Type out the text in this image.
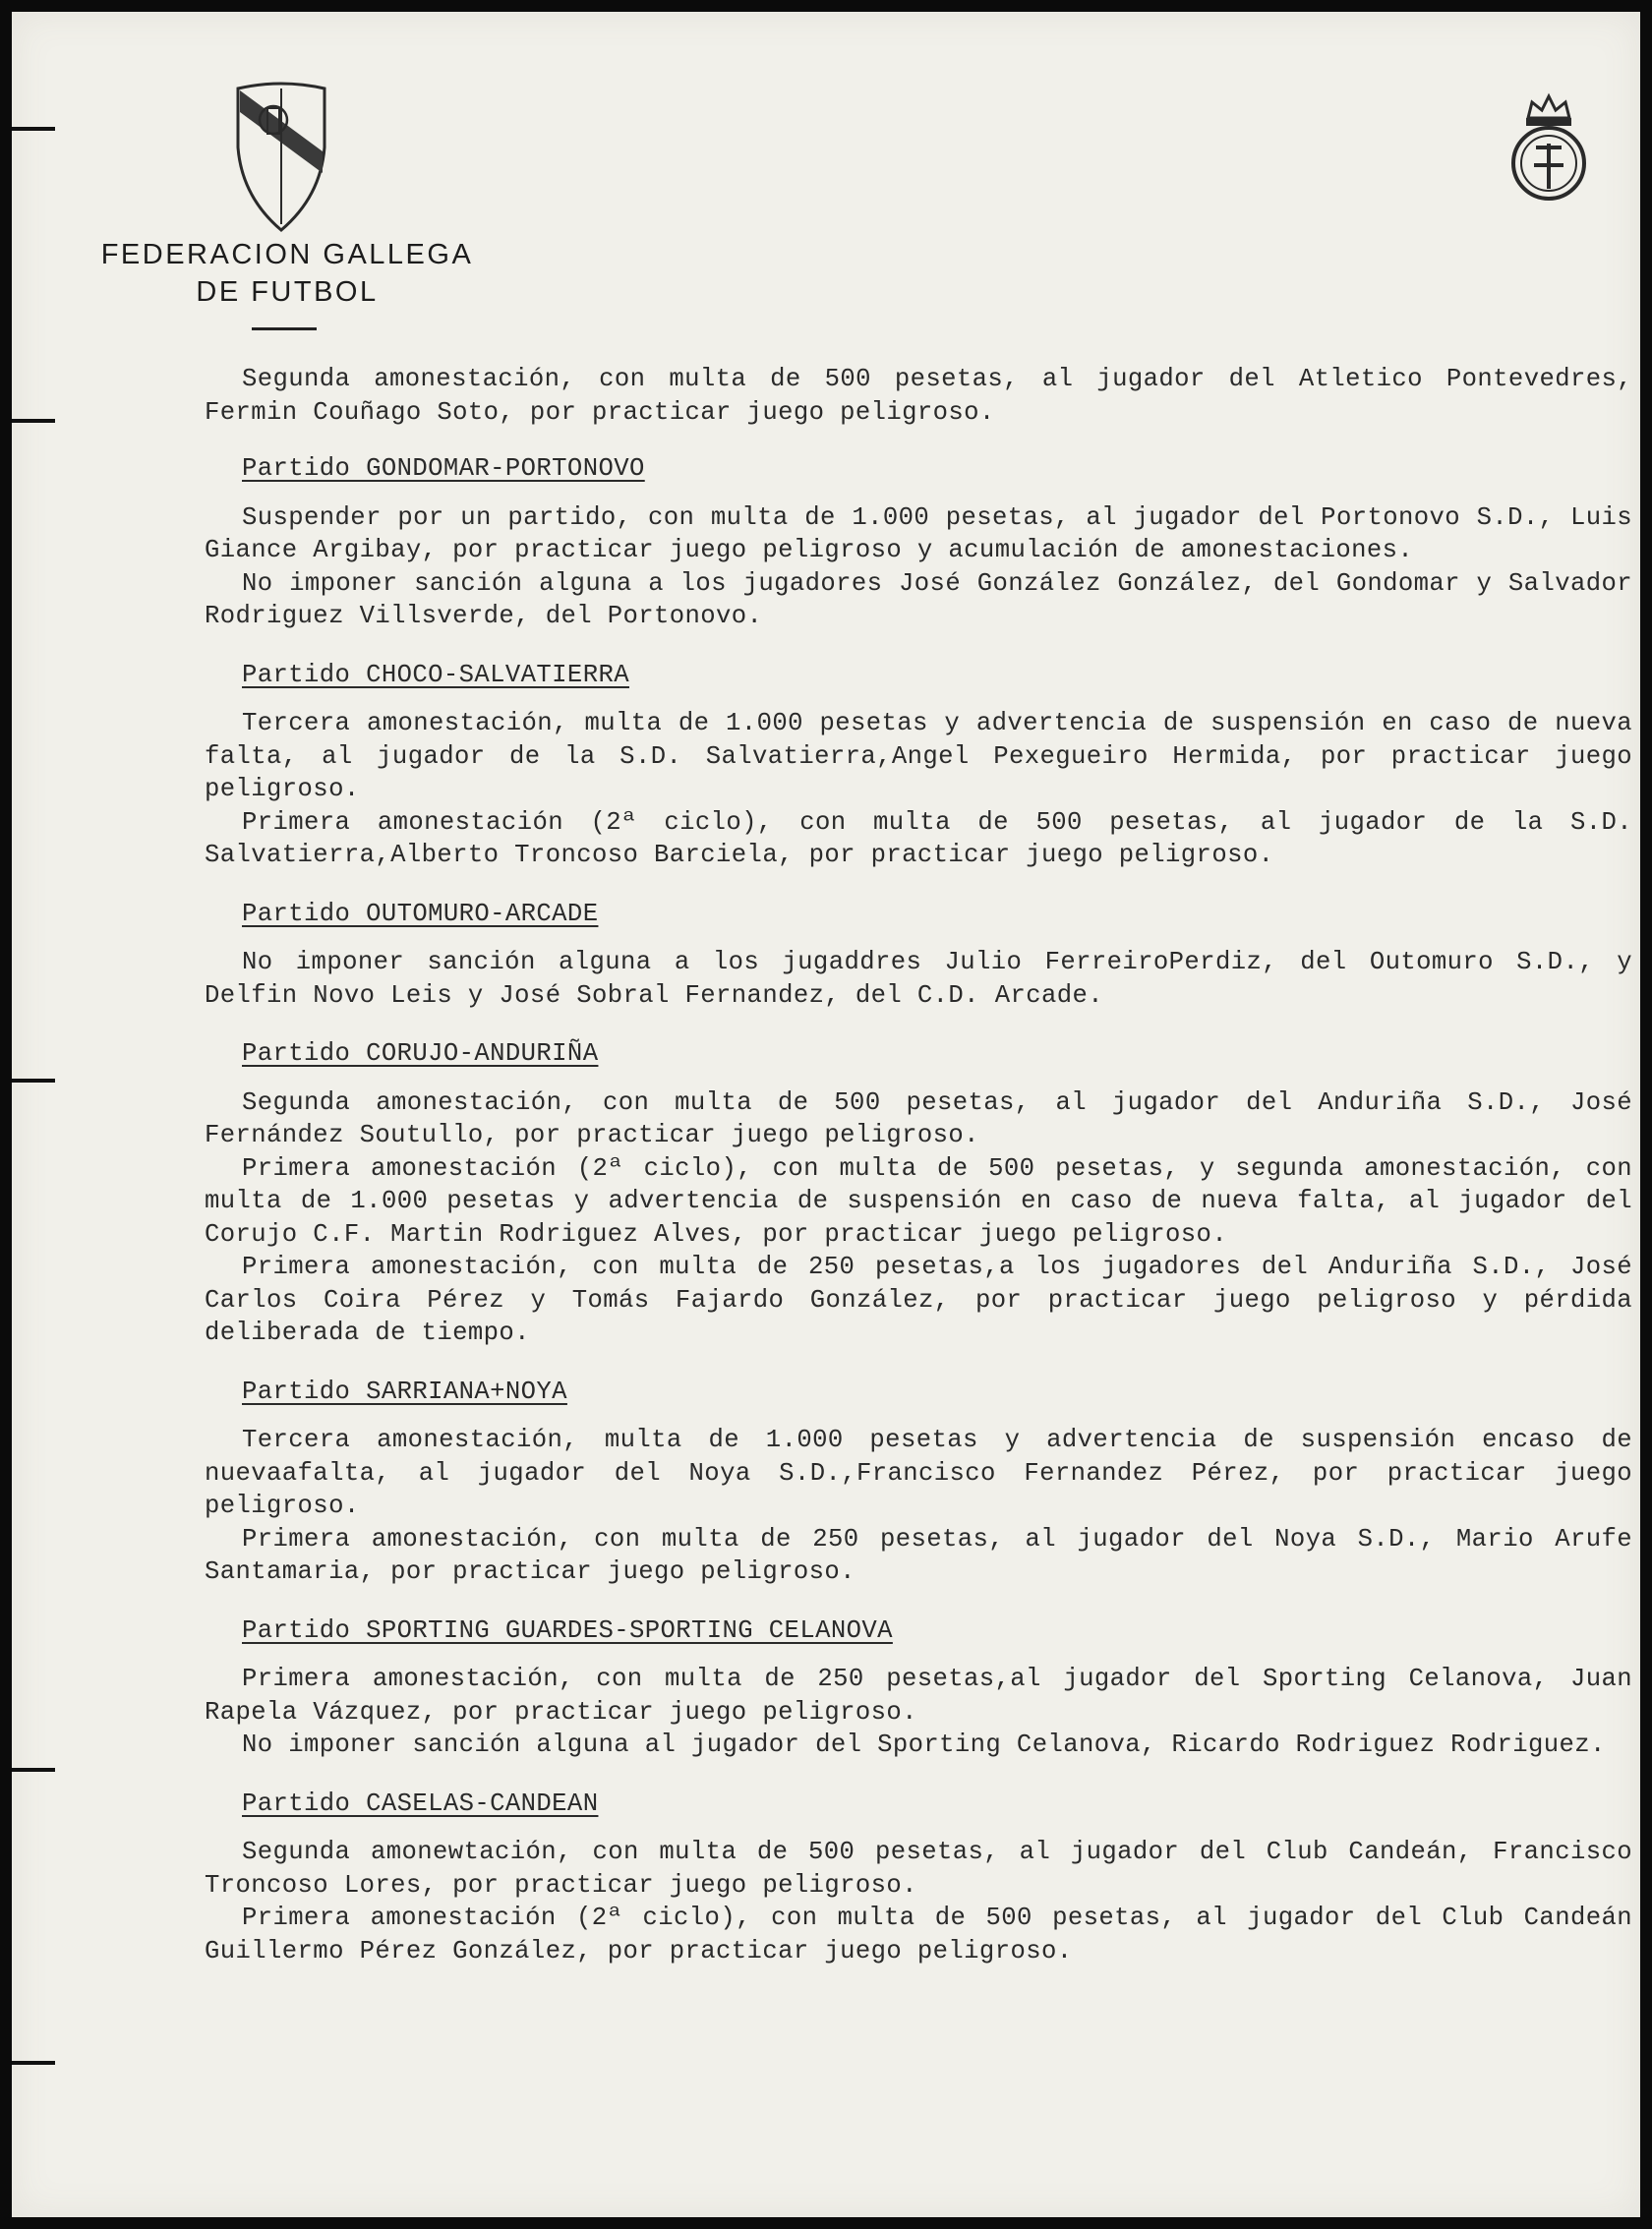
FEDERACION GALLEGA
DE FUTBOL

Segunda amonestación, con multa de 500 pesetas, al jugador del Atletico Pontevedres, Fermin Couñago Soto, por practicar juego peligroso.

Partido GONDOMAR-PORTONOVO

Suspender por un partido, con multa de 1.000 pesetas, al jugador del Portonovo S.D., Luis Giance Argibay, por practicar juego peligroso y acumulación de amonestaciones.

No imponer sanción alguna a los jugadores José González González, del Gondomar y Salvador Rodriguez Villsverde, del Portonovo.

Partido CHOCO-SALVATIERRA

Tercera amonestación, multa de 1.000 pesetas y advertencia de suspensión en caso de nueva falta, al jugador de la S.D. Salvatierra,Angel Pexegueiro Hermida, por practicar juego peligroso.

Primera amonestación (2ª ciclo), con multa de 500 pesetas, al jugador de la S.D. Salvatierra,Alberto Troncoso Barciela, por practicar juego peligroso.

Partido OUTOMURO-ARCADE

No imponer sanción alguna a los jugaddres Julio FerreiroPerdiz, del Outomuro S.D., y Delfin Novo Leis y José Sobral Fernandez, del C.D. Arcade.

Partido CORUJO-ANDURIÑA

Segunda amonestación, con multa de 500 pesetas, al jugador del Anduriña S.D., José Fernández Soutullo, por practicar juego peligroso.

Primera amonestación (2ª ciclo), con multa de 500 pesetas, y segunda amonestación, con multa de 1.000 pesetas y advertencia de suspensión en caso de nueva falta, al jugador del Corujo C.F. Martin Rodriguez Alves, por practicar juego peligroso.

Primera amonestación, con multa de 250 pesetas,a los jugadores del Anduriña S.D., José Carlos Coira Pérez y Tomás Fajardo González, por practicar juego peligroso y pérdida deliberada de tiempo.

Partido SARRIANA+NOYA

Tercera amonestación, multa de 1.000 pesetas y advertencia de suspensión encaso de nuevaafalta, al jugador del Noya S.D.,Francisco Fernandez Pérez, por practicar juego peligroso.

Primera amonestación, con multa de 250 pesetas, al jugador del Noya S.D., Mario Arufe Santamaria, por practicar juego peligroso.

Partido SPORTING GUARDES-SPORTING CELANOVA

Primera amonestación, con multa de 250 pesetas,al jugador del Sporting Celanova, Juan Rapela Vázquez, por practicar juego peligroso.

No imponer sanción alguna al jugador del Sporting Celanova, Ricardo Rodriguez Rodriguez.

Partido CASELAS-CANDEAN

Segunda amonewtación, con multa de 500 pesetas, al jugador del Club Candeán, Francisco Troncoso Lores, por practicar juego peligroso.

Primera amonestación (2ª ciclo), con multa de 500 pesetas, al jugador del Club Candeán Guillermo Pérez González, por practicar juego peligroso.
